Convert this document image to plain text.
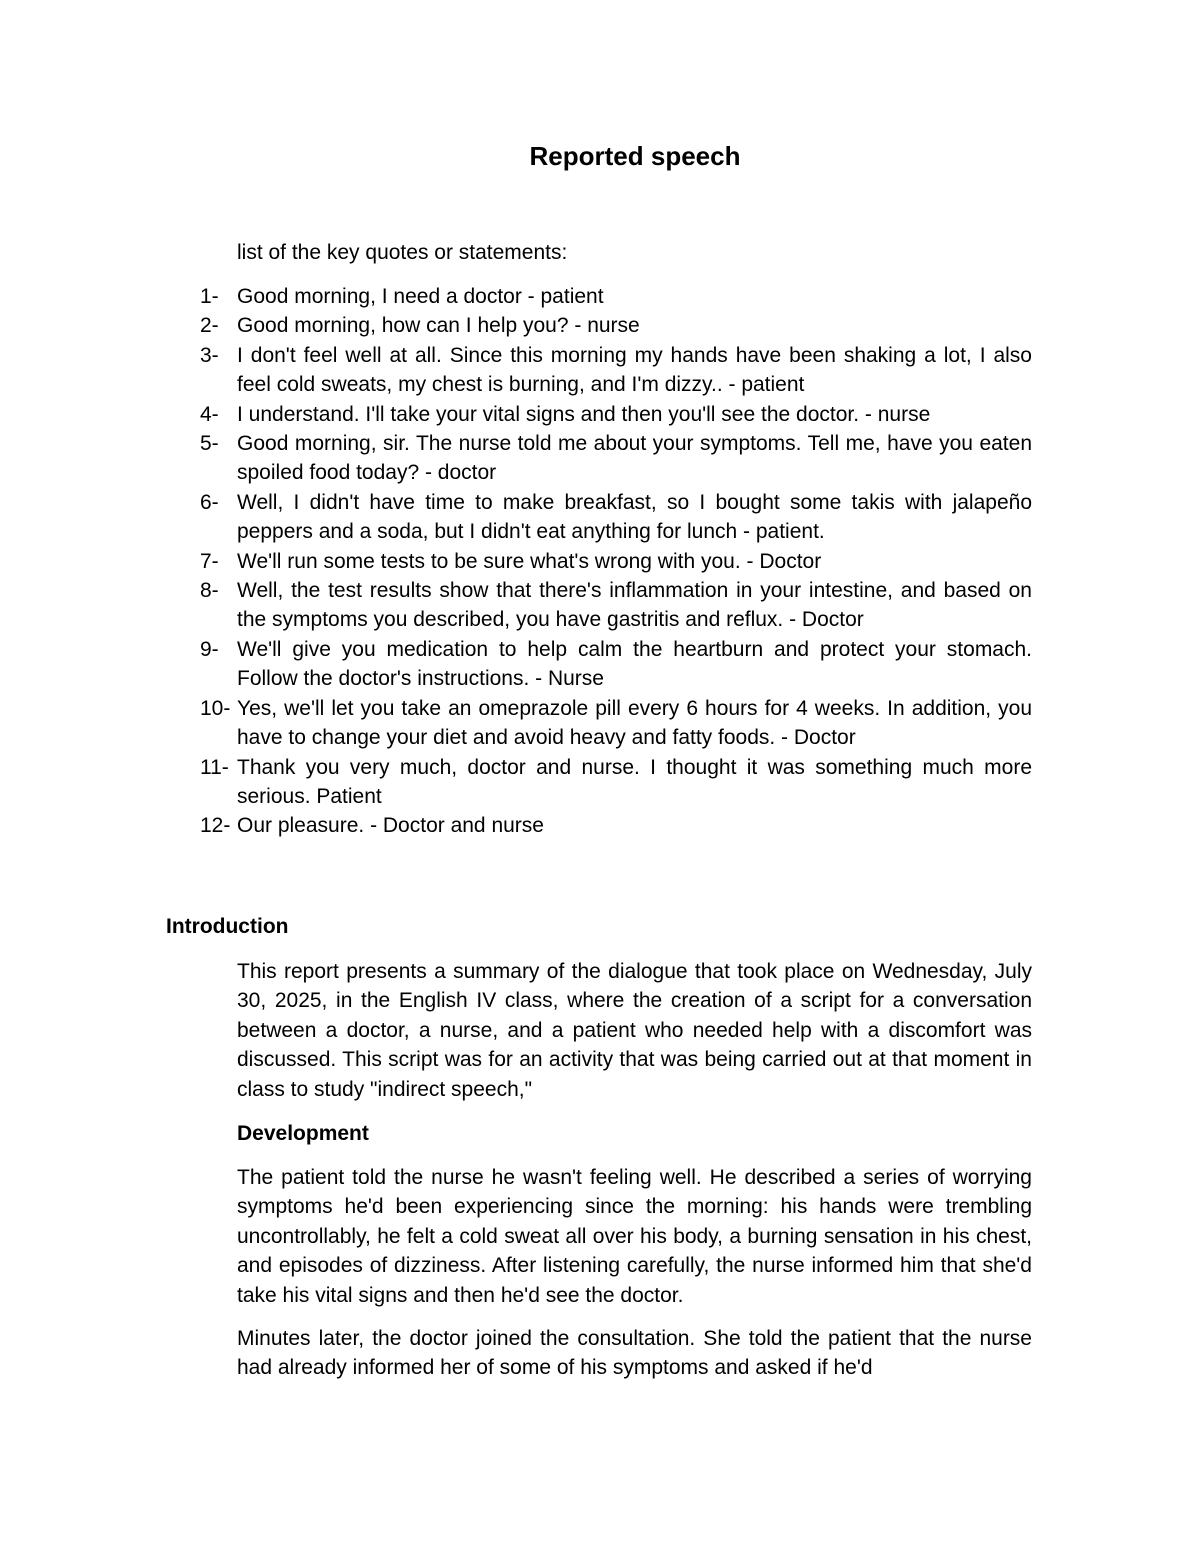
Reported speech
list of the key quotes or statements:
1- Good morning, I need a doctor - patient
2- Good morning, how can I help you? - nurse
3- I don't feel well at all. Since this morning my hands have been shaking a lot, I also feel cold sweats, my chest is burning, and I'm dizzy.. - patient
4- I understand. I'll take your vital signs and then you'll see the doctor. - nurse
5- Good morning, sir. The nurse told me about your symptoms. Tell me, have you eaten spoiled food today? - doctor
6- Well, I didn't have time to make breakfast, so I bought some takis with jalapeño peppers and a soda, but I didn't eat anything for lunch - patient.
7- We'll run some tests to be sure what's wrong with you. - Doctor
8- Well, the test results show that there's inflammation in your intestine, and based on the symptoms you described, you have gastritis and reflux. - Doctor
9- We'll give you medication to help calm the heartburn and protect your stomach. Follow the doctor's instructions. - Nurse
10- Yes, we'll let you take an omeprazole pill every 6 hours for 4 weeks. In addition, you have to change your diet and avoid heavy and fatty foods. - Doctor
11- Thank you very much, doctor and nurse. I thought it was something much more serious. Patient
12- Our pleasure. - Doctor and nurse
Introduction

This report presents a summary of the dialogue that took place on Wednesday, July 30, 2025, in the English IV class, where the creation of a script for a conversation between a doctor, a nurse, and a patient who needed help with a discomfort was discussed. This script was for an activity that was being carried out at that moment in class to study "indirect speech,"

Development

The patient told the nurse he wasn't feeling well. He described a series of worrying symptoms he'd been experiencing since the morning: his hands were trembling uncontrollably, he felt a cold sweat all over his body, a burning sensation in his chest, and episodes of dizziness. After listening carefully, the nurse informed him that she'd take his vital signs and then he'd see the doctor.

Minutes later, the doctor joined the consultation. She told the patient that the nurse had already informed her of some of his symptoms and asked if he'd
